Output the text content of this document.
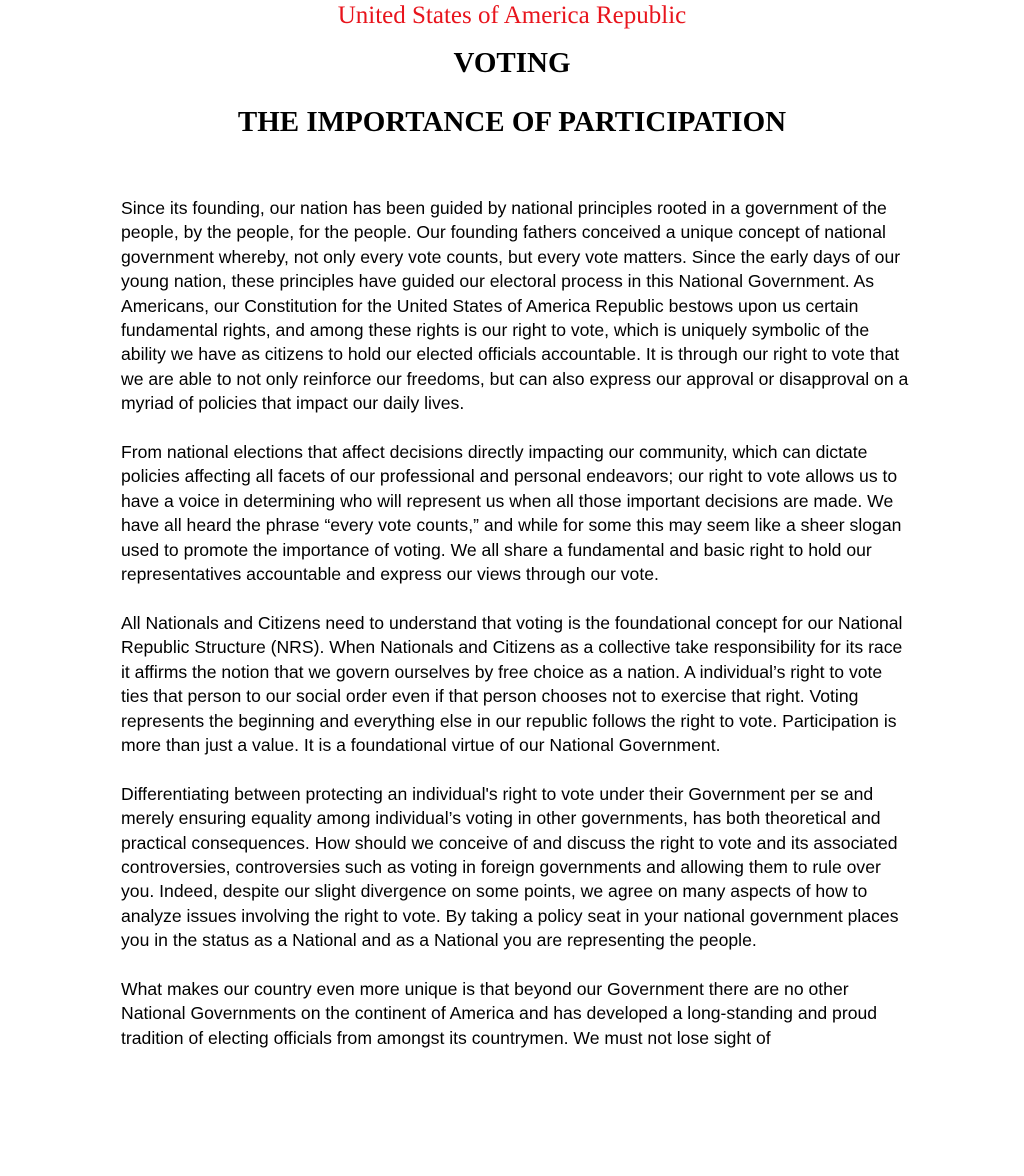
United States of America Republic
VOTING
THE IMPORTANCE OF PARTICIPATION

Since its founding, our nation has been guided by national principles rooted in a government of the people, by the people, for the people. Our founding fathers conceived a unique concept of national government whereby, not only every vote counts, but every vote matters. Since the early days of our young nation, these principles have guided our electoral process in this National Government. As Americans, our Constitution for the United States of America Republic bestows upon us certain fundamental rights, and among these rights is our right to vote, which is uniquely symbolic of the ability we have as citizens to hold our elected officials accountable. It is through our right to vote that we are able to not only reinforce our freedoms, but can also express our approval or disapproval on a myriad of policies that impact our daily lives.

From national elections that affect decisions directly impacting our community, which can dictate policies affecting all facets of our professional and personal endeavors; our right to vote allows us to have a voice in determining who will represent us when all those important decisions are made. We have all heard the phrase “every vote counts,” and while for some this may seem like a sheer slogan used to promote the importance of voting. We all share a fundamental and basic right to hold our representatives accountable and express our views through our vote.

All Nationals and Citizens need to understand that voting is the foundational concept for our National Republic Structure (NRS). When Nationals and Citizens as a collective take responsibility for its race it affirms the notion that we govern ourselves by free choice as a nation. A individual’s right to vote ties that person to our social order even if that person chooses not to exercise that right. Voting represents the beginning and everything else in our republic follows the right to vote. Participation is more than just a value. It is a foundational virtue of our National Government.

Differentiating between protecting an individual's right to vote under their Government per se and merely ensuring equality among individual’s voting in other governments, has both theoretical and practical consequences. How should we conceive of and discuss the right to vote and its associated controversies, controversies such as voting in foreign governments and allowing them to rule over you. Indeed, despite our slight divergence on some points, we agree on many aspects of how to analyze issues involving the right to vote. By taking a policy seat in your national government places you in the status as a National and as a National you are representing the people.

What makes our country even more unique is that beyond our Government there are no other National Governments on the continent of America and has developed a long-standing and proud tradition of electing officials from amongst its countrymen. We must not lose sight of
